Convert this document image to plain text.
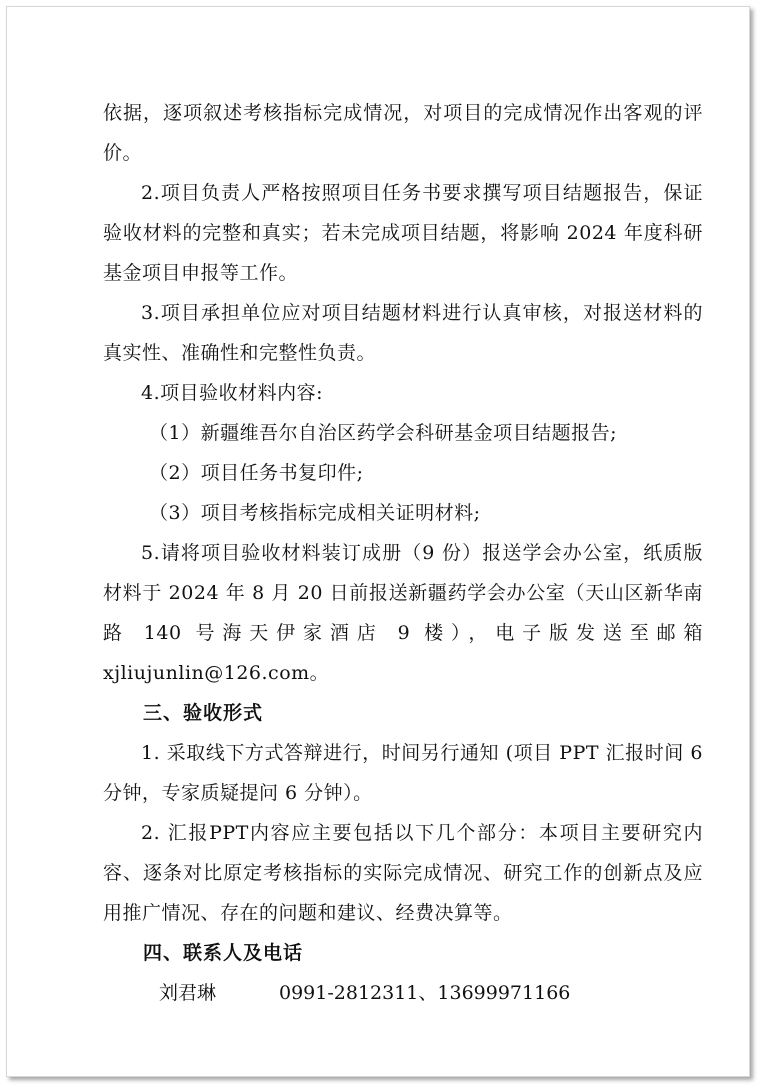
依据，逐项叙述考核指标完成情况，对项目的完成情况作出客观的评价。

2.项目负责人严格按照项目任务书要求撰写项目结题报告，保证验收材料的完整和真实；若未完成项目结题，将影响 2024 年度科研基金项目申报等工作。

3.项目承担单位应对项目结题材料进行认真审核，对报送材料的真实性、准确性和完整性负责。

4.项目验收材料内容:

（1）新疆维吾尔自治区药学会科研基金项目结题报告;

（2）项目任务书复印件;

（3）项目考核指标完成相关证明材料;

5.请将项目验收材料装订成册（9 份）报送学会办公室，纸质版材料于 2024 年 8 月 20 日前报送新疆药学会办公室（天山区新华南路 140 号海天伊家酒店 9 楼），电子版发送至邮箱xjliujunlin@126.com。

三、验收形式

1. 采取线下方式答辩进行，时间另行通知 (项目 PPT 汇报时间 6 分钟，专家质疑提问 6 分钟）。

2. 汇报PPT内容应主要包括以下几个部分：本项目主要研究内容、逐条对比原定考核指标的实际完成情况、研究工作的创新点及应用推广情况、存在的问题和建议、经费决算等。

四、联系人及电话

刘君琳	0991-2812311、13699971166
